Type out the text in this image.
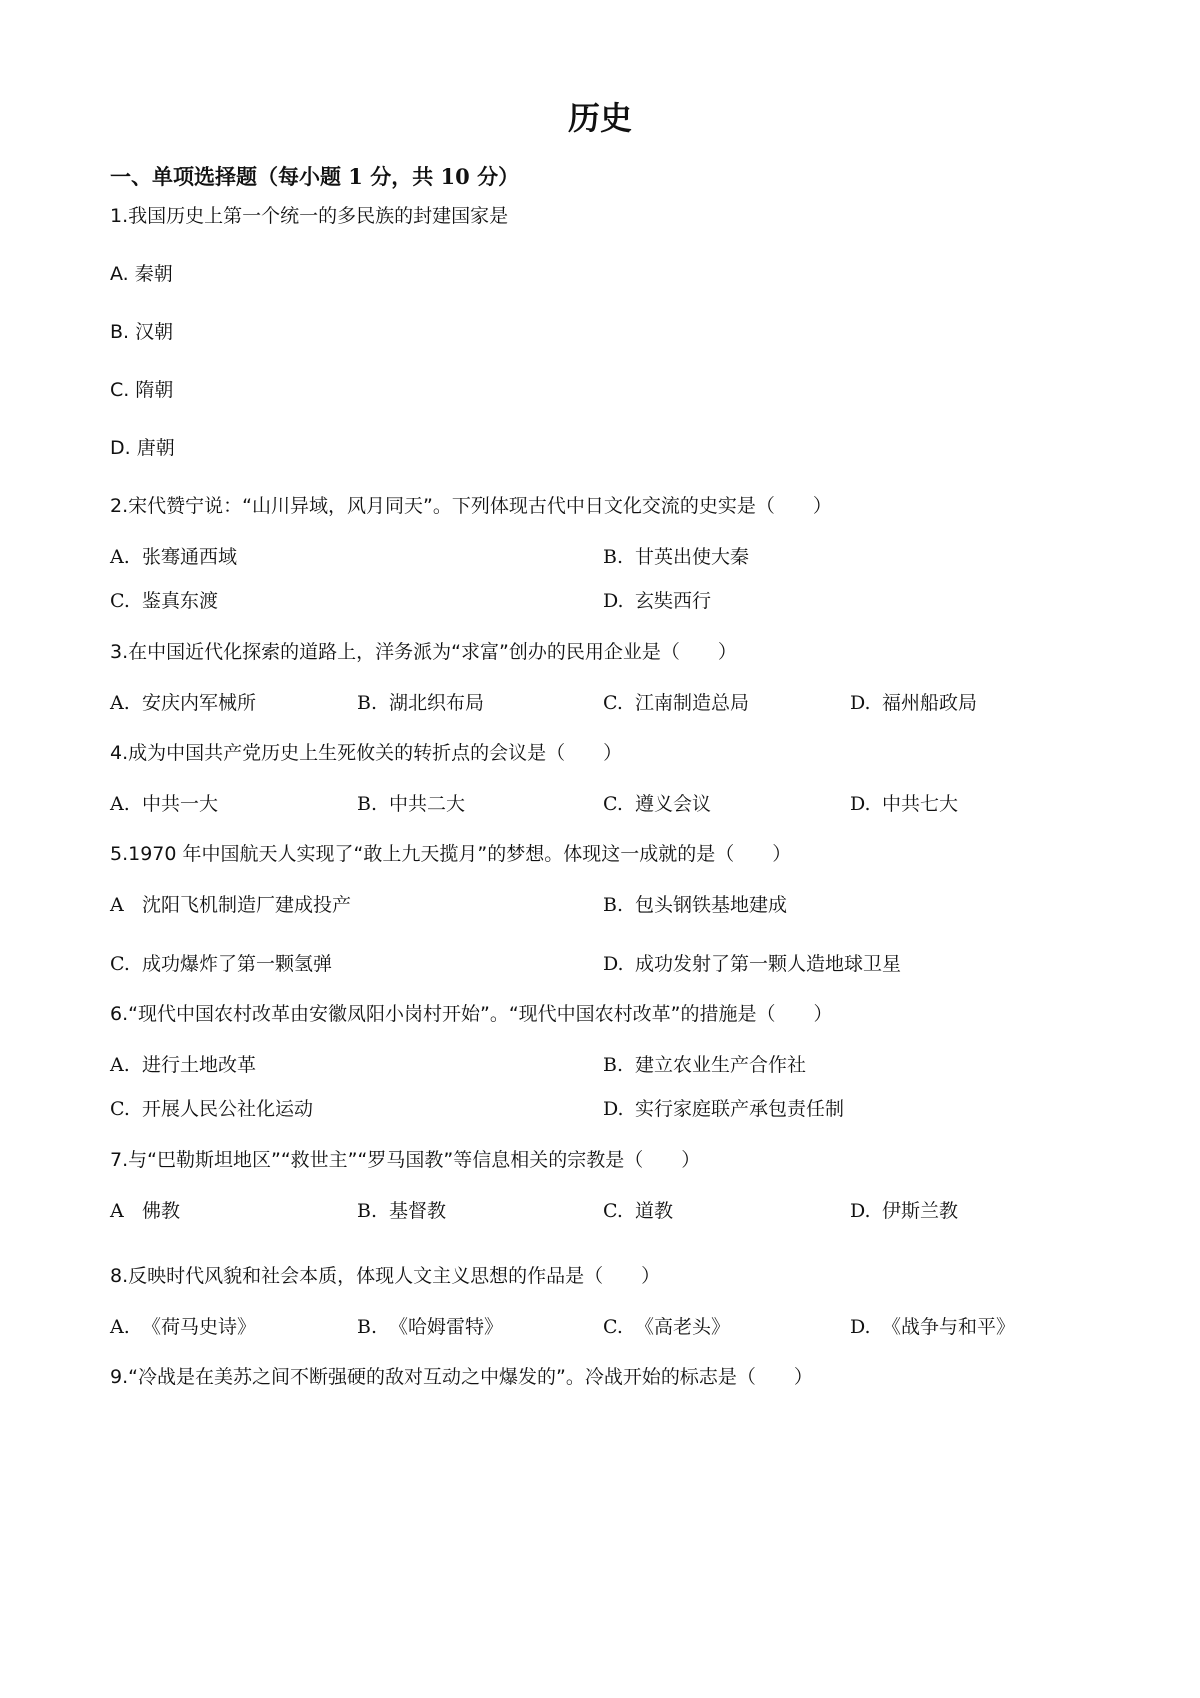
历史
一、单项选择题（每小题 1 分，共 10 分）
1.我国历史上第一个统一的多民族的封建国家是
A. 秦朝
B. 汉朝
C. 隋朝
D. 唐朝
2.宋代赞宁说：“山川异域，风月同天”。下列体现古代中日文化交流的史实是（　　）
A. 张骞通西域	B. 甘英出使大秦
C. 鉴真东渡	D. 玄奘西行
3.在中国近代化探索的道路上，洋务派为“求富”创办的民用企业是（　　）
A. 安庆内军械所	B. 湖北织布局	C. 江南制造总局	D. 福州船政局
4.成为中国共产党历史上生死攸关的转折点的会议是（　　）
A. 中共一大	B. 中共二大	C. 遵义会议	D. 中共七大
5.1970 年中国航天人实现了“敢上九天揽月”的梦想。体现这一成就的是（　　）
A 沈阳飞机制造厂建成投产	B. 包头钢铁基地建成
C. 成功爆炸了第一颗氢弹	D. 成功发射了第一颗人造地球卫星
6.“现代中国农村改革由安徽凤阳小岗村开始”。“现代中国农村改革”的措施是（　　）
A. 进行土地改革	B. 建立农业生产合作社
C. 开展人民公社化运动	D. 实行家庭联产承包责任制
7.与“巴勒斯坦地区”“救世主”“罗马国教”等信息相关的宗教是（　　）
A 佛教	B. 基督教	C. 道教	D. 伊斯兰教
8.反映时代风貌和社会本质，体现人文主义思想的作品是（　　）
A. 《荷马史诗》	B. 《哈姆雷特》	C. 《高老头》	D. 《战争与和平》
9.“冷战是在美苏之间不断强硬的敌对互动之中爆发的”。冷战开始的标志是（　　）
